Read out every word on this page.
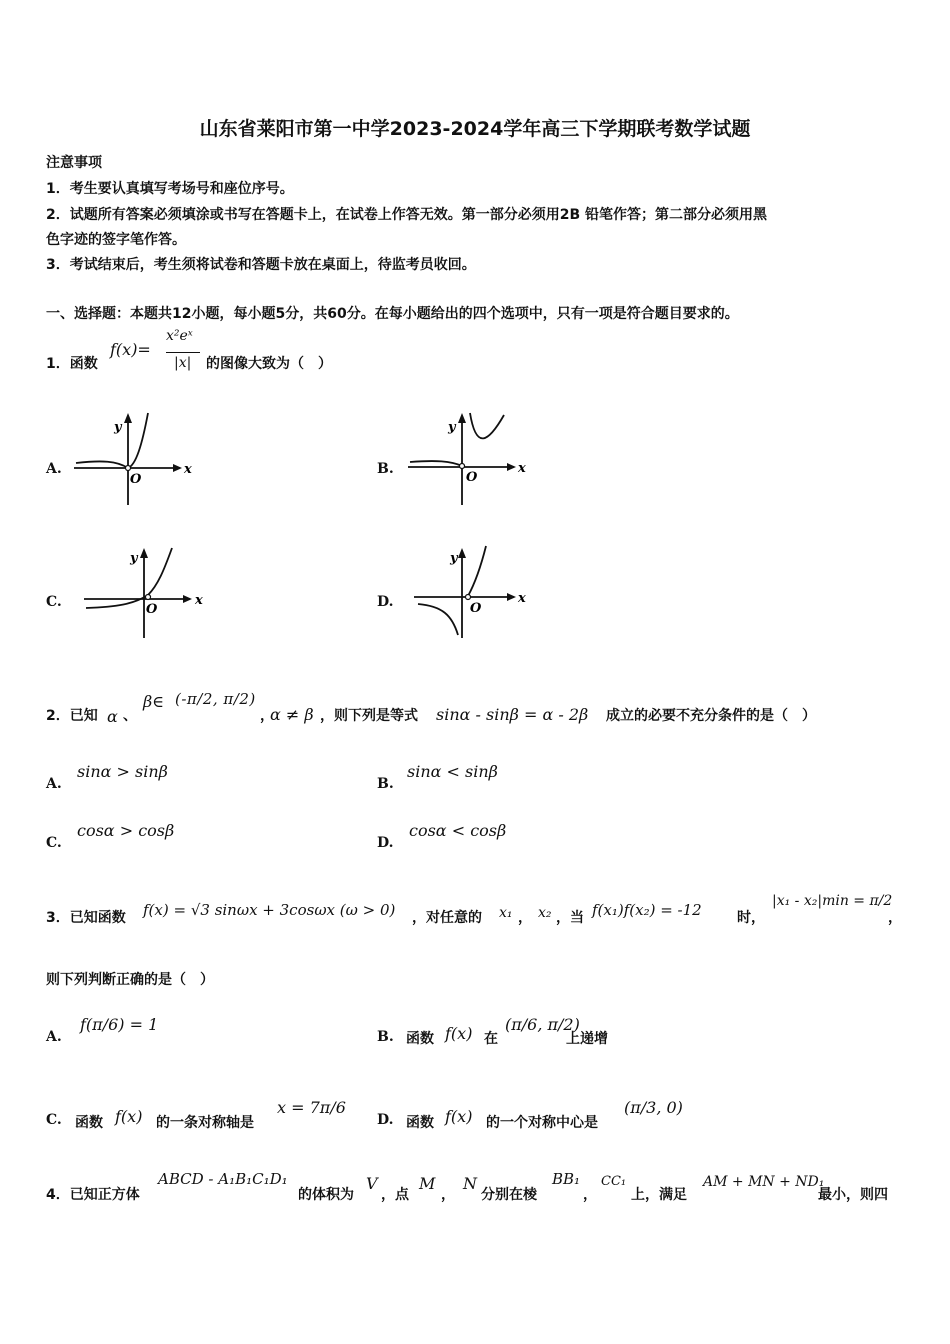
山东省莱阳市第一中学2023-2024学年高三下学期联考数学试题
注意事项
1．考生要认真填写考场号和座位序号。
2．试题所有答案必须填涂或书写在答题卡上，在试卷上作答无效。第一部分必须用2B 铅笔作答；第二部分必须用黑
色字迹的签字笔作答。
3．考试结束后，考生须将试卷和答题卡放在桌面上，待监考员收回。
一、选择题：本题共12小题，每小题5分，共60分。在每小题给出的四个选项中，只有一项是符合题目要求的。
1．函数
f(x)=
x²eˣ
|x| 的图像大致为（　）
A.
y
x
O
B.
y
x
O
C.
y
x
O	D.
y
x
O
2．已知 α 、
β∈ (-π/2, π/2)
，
α ≠ β ，则下列是等式 sinα - sinβ = α - 2β 成立的必要不充分条件的是（　）
A.
sinα > sinβ
B.
sinα < sinβ
C.
cosα > cosβ
D.
cosα < cosβ
3．已知函数 f(x) = √3 sinωx + 3cosωx (ω > 0) ，对任意的 x₁ ， x₂ ，当 f(x₁)f(x₂) = -12	时，
|x₁ - x₂|min = π/2
，
则下列判断正确的是（　）
A.
f(π/6) = 1
B. 函数 f(x) 在
(π/6, π/2)
上递增
C. 函数 f(x) 的一条对称轴是
x = 7π/6
D. 函数 f(x) 的一个对称中心是
(π/3, 0)
4．已知正方体
ABCD - A₁B₁C₁D₁
的体积为
V
，点
M
，
N
分别在棱
BB₁
，
CC₁
上，满足
AM + MN + ND₁
最小，则四
